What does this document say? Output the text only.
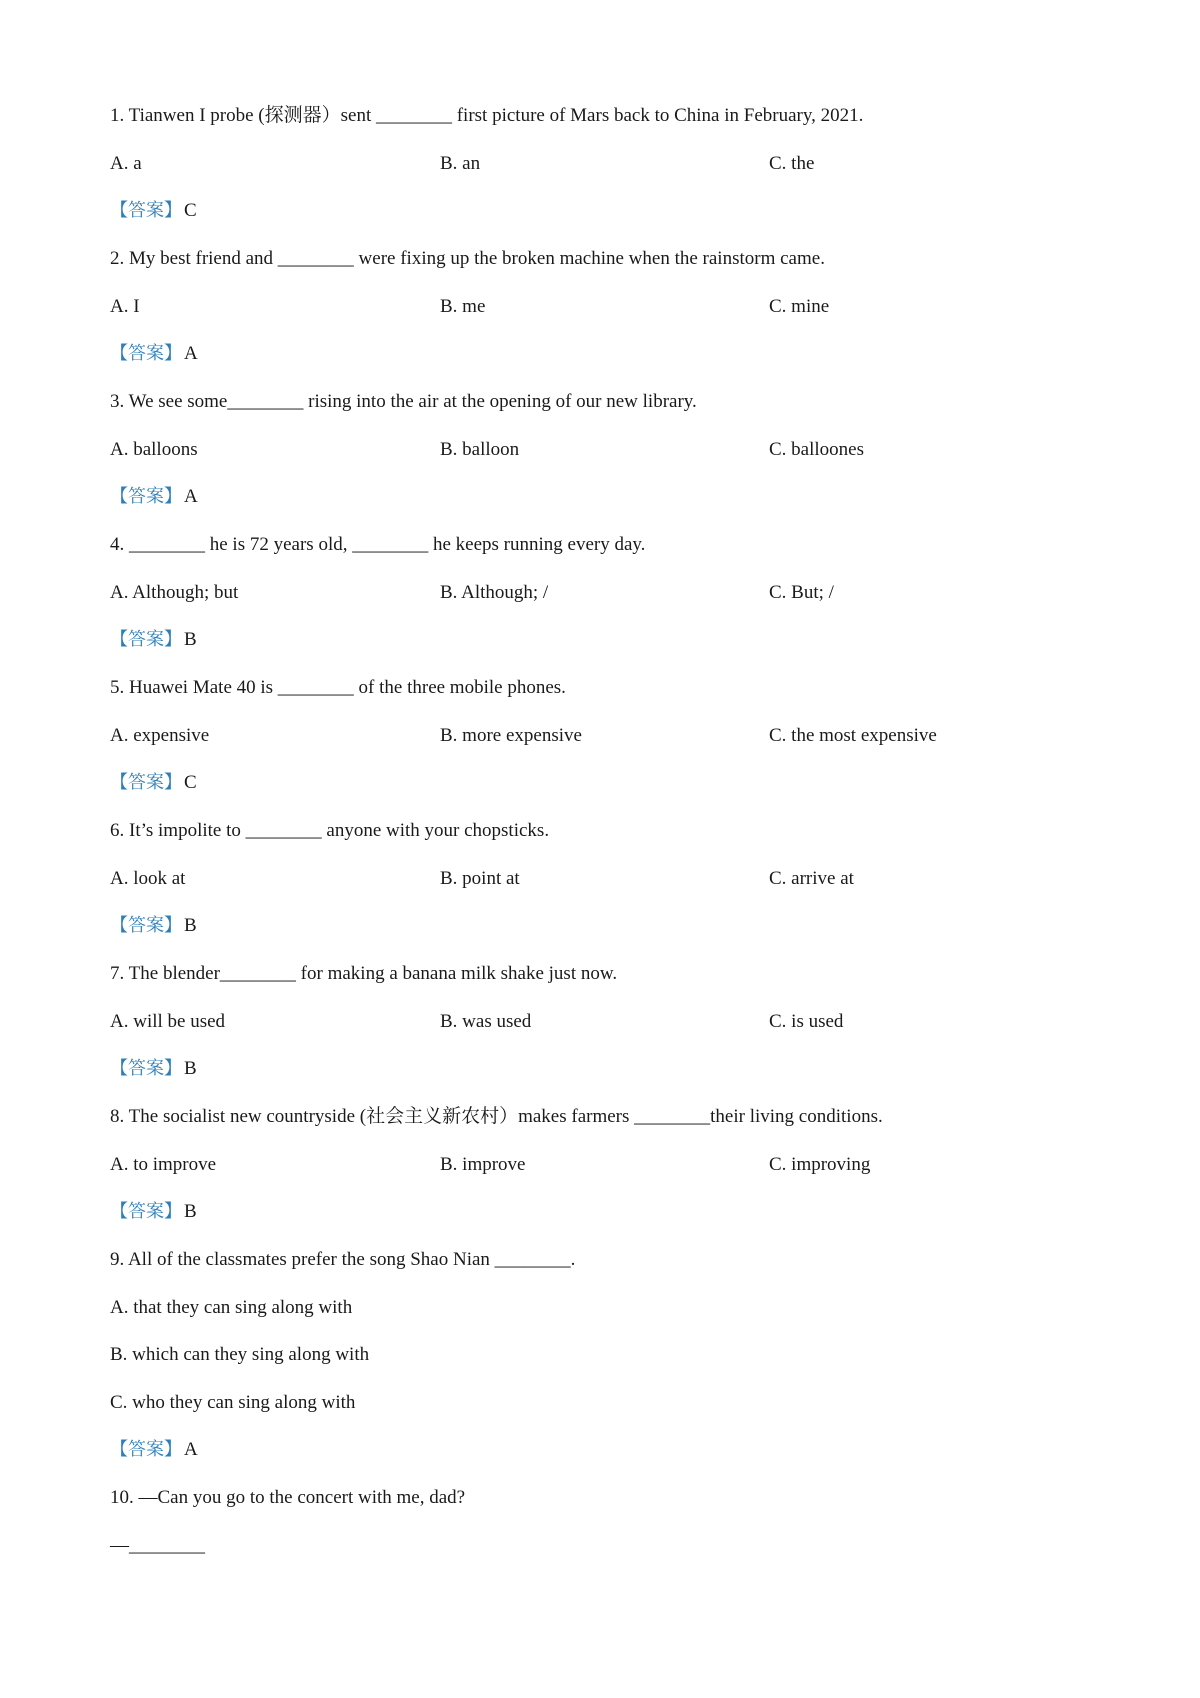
1. Tianwen I probe (探测器）sent ________ first picture of Mars back to China in February, 2021.
A. a	B. an	C. the
【答案】 C
2. My best friend and ________ were fixing up the broken machine when the rainstorm came.
A. I	B. me	C. mine
【答案】 A
3. We see some________ rising into the air at the opening of our new library.
A. balloons	B. balloon	C. balloones
【答案】 A
4. ________ he is 72 years old, ________ he keeps running every day.
A. Although; but	B. Although; /	C. But; /
【答案】 B
5. Huawei Mate 40 is ________ of the three mobile phones.
A. expensive	B. more expensive	C. the most expensive
【答案】 C
6. It’s impolite to ________ anyone with your chopsticks.
A. look at	B. point at	C. arrive at
【答案】 B
7. The blender________ for making a banana milk shake just now.
A. will be used	B. was used	C. is used
【答案】 B
8. The socialist new countryside (社会主义新农村）makes farmers ________their living conditions.
A. to improve	B. improve	C. improving
【答案】 B
9. All of the classmates prefer the song Shao Nian ________.
A. that they can sing along with
B. which can they sing along with
C. who they can sing along with
【答案】 A
10. —Can you go to the concert with me, dad?
—________
